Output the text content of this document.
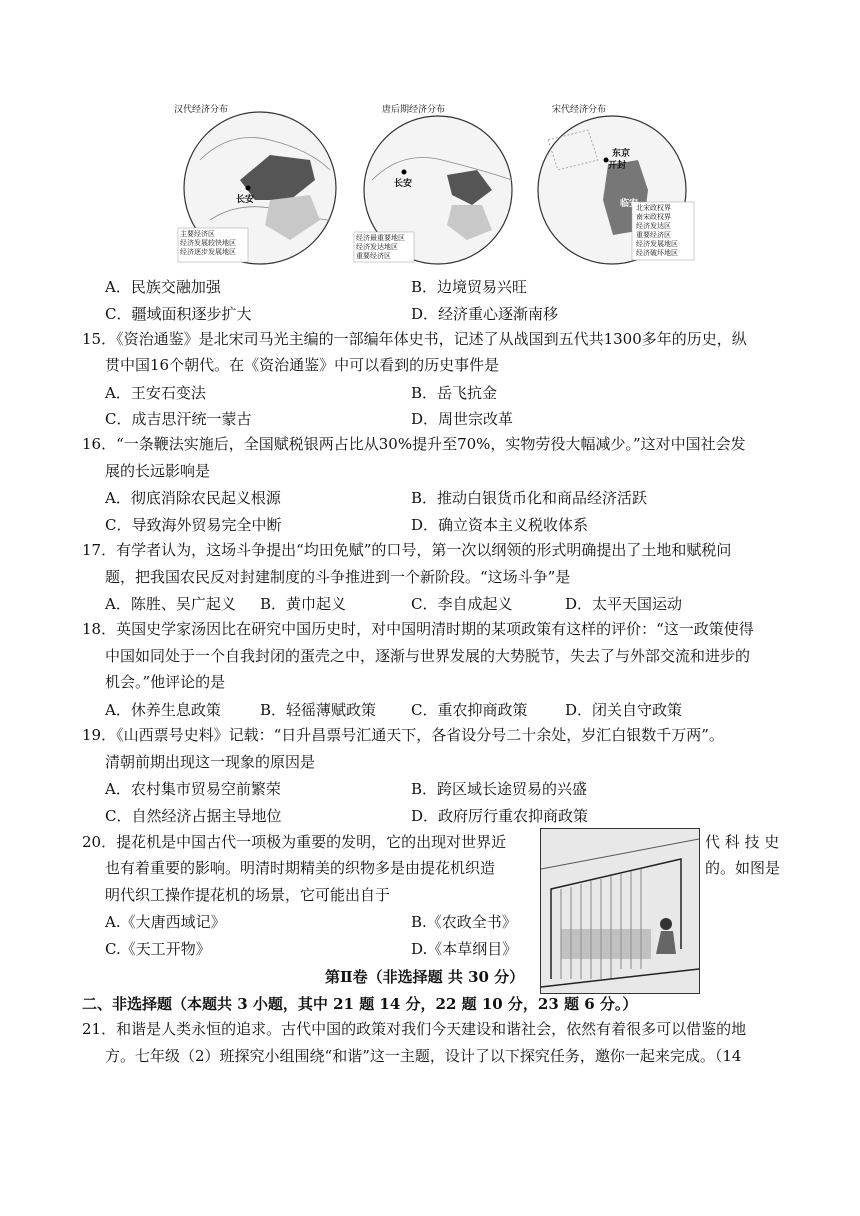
汉代经济分布
长安
主要经济区
经济发展较快地区
经济逐步发展地区
唐后期经济分布
长安
经济最重要地区
经济发达地区
重要经济区
宋代经济分布
东京
开封
临安
北宋政权界
南宋政权界
经济发达区
重要经济区
经济发展地区
经济破坏地区
A．民族交融加强	B．边境贸易兴旺
C．疆域面积逐步扩大	D．经济重心逐渐南移
15．《资治通鉴》是北宋司马光主编的一部编年体史书，记述了从战国到五代共1300多年的历史，纵
贯中国16个朝代。在《资治通鉴》中可以看到的历史事件是
A．王安石变法	B．岳飞抗金
C．成吉思汗统一蒙古	D．周世宗改革
16．“一条鞭法实施后，全国赋税银两占比从30%提升至70%，实物劳役大幅减少。”这对中国社会发
展的长远影响是
A．彻底消除农民起义根源	B．推动白银货币化和商品经济活跃
C．导致海外贸易完全中断	D．确立资本主义税收体系
17．有学者认为，这场斗争提出“均田免赋”的口号，第一次以纲领的形式明确提出了土地和赋税问
题，把我国农民反对封建制度的斗争推进到一个新阶段。“这场斗争”是
A．陈胜、吴广起义 B．黄巾起义	C．李自成起义	D．太平天国运动
18．英国史学家汤因比在研究中国历史时，对中国明清时期的某项政策有这样的评价：“这一政策使得
中国如同处于一个自我封闭的蛋壳之中，逐渐与世界发展的大势脱节，失去了与外部交流和进步的
机会。”他评论的是
A．休养生息政策	B．轻徭薄赋政策 C．重农抑商政策	D．闭关自守政策
19．《山西票号史料》记载：“日升昌票号汇通天下，各省设分号二十余处，岁汇白银数千万两”。
清朝前期出现这一现象的原因是
A．农村集市贸易空前繁荣	B．跨区域长途贸易的兴盛
C．自然经济占据主导地位	D．政府厉行重农抑商政策
20．提花机是中国古代一项极为重要的发明，它的出现对世界近	代 科 技 史
也有着重要的影响。明清时期精美的织物多是由提花机织造	的。如图是
明代织工操作提花机的场景，它可能出自于
A.《大唐西域记》	B.《农政全书》
C.《天工开物》	D.《本草纲目》
第Ⅱ卷（非选择题 共 30 分）
二、非选择题（本题共 3 小题，其中 21 题 14 分，22 题 10 分，23 题 6 分。）
21．和谐是人类永恒的追求。古代中国的政策对我们今天建设和谐社会，依然有着很多可以借鉴的地
方。七年级（2）班探究小组围绕“和谐”这一主题，设计了以下探究任务，邀你一起来完成。（14
